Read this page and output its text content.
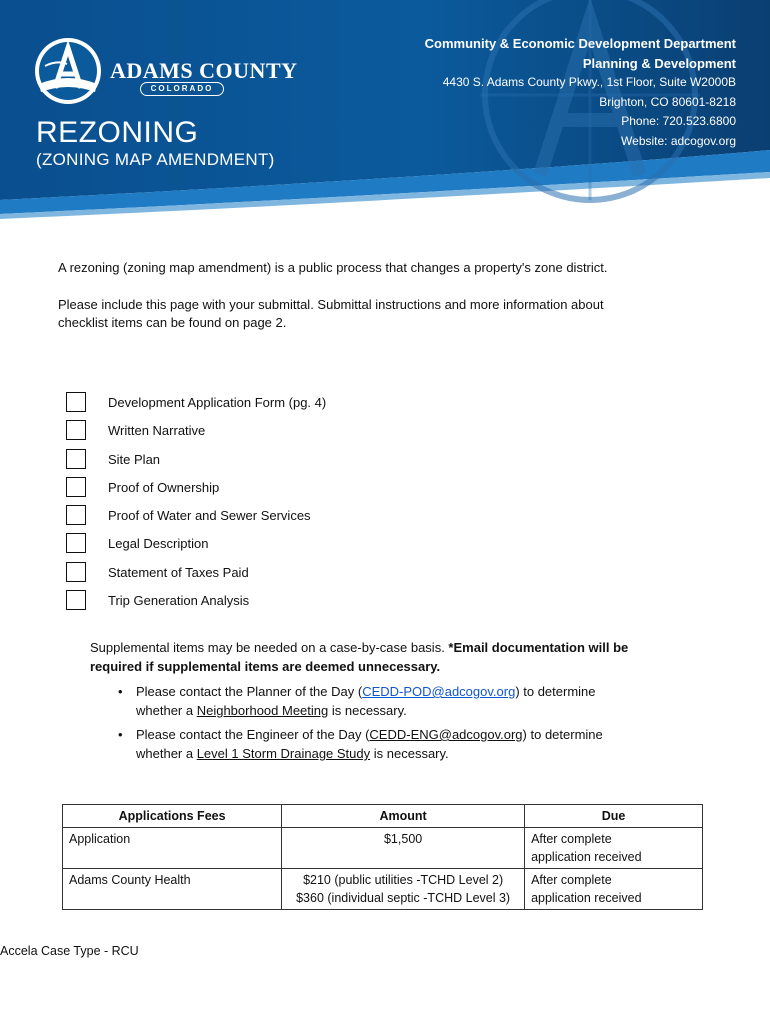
ADAMS COUNTY
COLORADO
REZONING
(ZONING MAP AMENDMENT)
Community & Economic Development Department
Planning & Development
4430 S. Adams County Pkwy., 1st Floor, Suite W2000B
Brighton, CO 80601-8218
Phone: 720.523.6800
Website: adcogov.org
A rezoning (zoning map amendment) is a public process that changes a property's zone district.
Please include this page with your submittal. Submittal instructions and more information about
checklist items can be found on page 2.
Development Application Form (pg. 4)
Written Narrative
Site Plan
Proof of Ownership
Proof of Water and Sewer Services
Legal Description
Statement of Taxes Paid
Trip Generation Analysis
Supplemental items may be needed on a case-by-case basis. *Email documentation will be
required if supplemental items are deemed unnecessary.
• Please contact the Planner of the Day (CEDD-POD@adcogov.org) to determine
whether a Neighborhood Meeting is necessary.
• Please contact the Engineer of the Day (CEDD-ENG@adcogov.org) to determine
whether a Level 1 Storm Drainage Study is necessary.
Applications Fees	Amount	Due
Application	$1,500	After complete
application received
Adams County Health	$210 (public utilities -TCHD Level 2)
$360 (individual septic -TCHD Level 3)	After complete
application received
Accela Case Type - RCU
